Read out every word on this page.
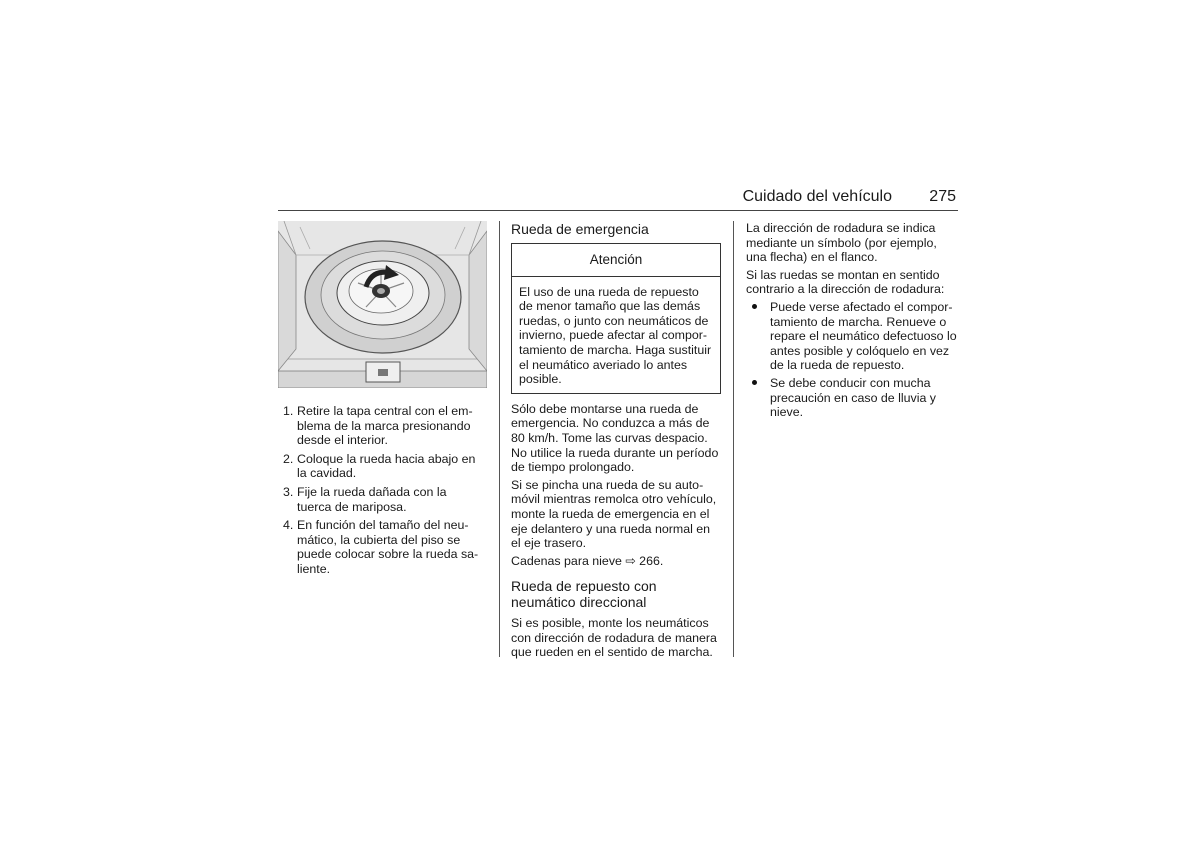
Cuidado del vehículo 275
1. Retire la tapa central con el emblema de la marca presionando desde el interior.
2. Coloque la rueda hacia abajo en la cavidad.
3. Fije la rueda dañada con la tuerca de mariposa.
4. En función del tamaño del neumático, la cubierta del piso se puede colocar sobre la rueda saliente.
Rueda de emergencia
Atención
El uso de una rueda de repuesto de menor tamaño que las demás ruedas, o junto con neumáticos de invierno, puede afectar al comportamiento de marcha. Haga sustituir el neumático averiado lo antes posible.

Sólo debe montarse una rueda de emergencia. No conduzca a más de 80 km/h. Tome las curvas despacio. No utilice la rueda durante un período de tiempo prolongado.

Si se pincha una rueda de su automóvil mientras remolca otro vehículo, monte la rueda de emergencia en el eje delantero y una rueda normal en el eje trasero.

Cadenas para nieve ⇨ 266.

Rueda de repuesto con neumático direccional

Si es posible, monte los neumáticos con dirección de rodadura de manera que rueden en el sentido de marcha.

La dirección de rodadura se indica mediante un símbolo (por ejemplo, una flecha) en el flanco.

Si las ruedas se montan en sentido contrario a la dirección de rodadura:

Puede verse afectado el comportamiento de marcha. Renueve o repare el neumático defectuoso lo antes posible y colóquelo en vez de la rueda de repuesto.
Se debe conducir con mucha precaución en caso de lluvia y nieve.
